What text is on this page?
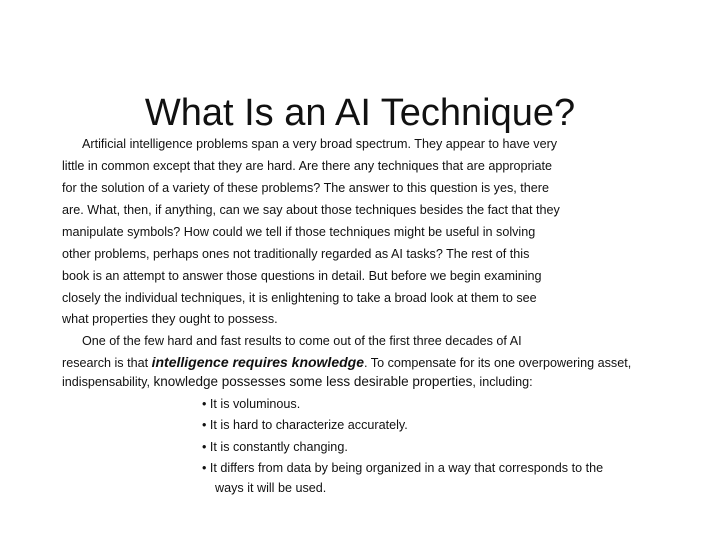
What Is an AI Technique?
Artificial intelligence problems span a very broad spectrum. They appear to have very
little in common except that they are hard. Are there any techniques that are appropriate
for the solution of a variety of these problems? The answer to this question is yes, there
are. What, then, if anything, can we say about those techniques besides the fact that they
manipulate symbols? How could we tell if those techniques might be useful in solving
other problems, perhaps ones not traditionally regarded as AI tasks? The rest of this
book is an attempt to answer those questions in detail. But before we begin examining
closely the individual techniques, it is enlightening to take a broad look at them to see
what properties they ought to possess.
One of the few hard and fast results to come out of the first three decades of AI
research is that intelligence requires knowledge. To compensate for its one overpowering asset,
indispensability, knowledge possesses some less desirable properties, including:
• It is voluminous.
• It is hard to characterize accurately.
• It is constantly changing.
• It differs from data by being organized in a way that corresponds to the
ways it will be used.
